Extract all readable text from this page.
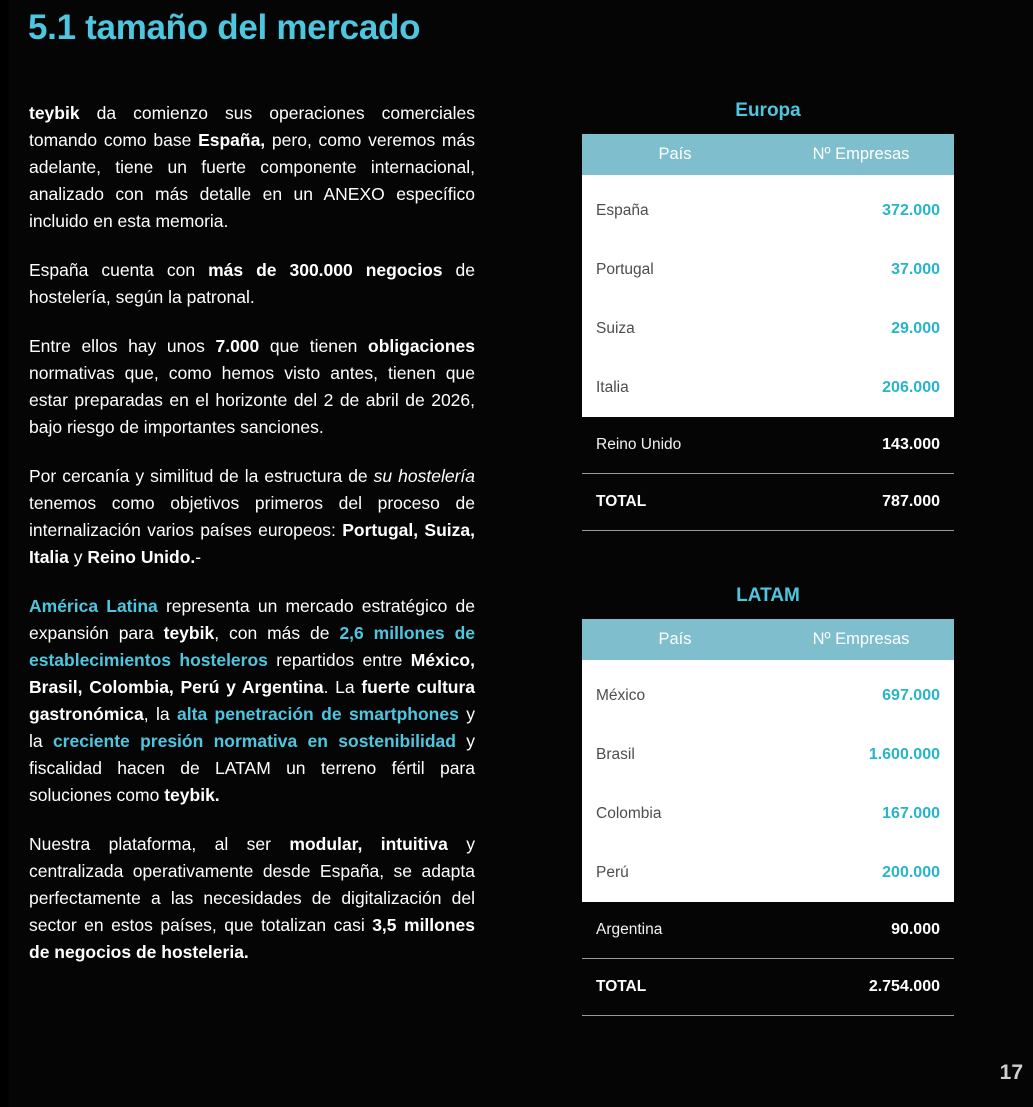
5.1 tamaño del mercado

teybik da comienzo sus operaciones comerciales tomando como base España, pero, como veremos más adelante, tiene un fuerte componente internacional, analizado con más detalle en un ANEXO específico incluido en esta memoria.

España cuenta con más de 300.000 negocios de hostelería, según la patronal.

Entre ellos hay unos 7.000 que tienen obligaciones normativas que, como hemos visto antes, tienen que estar preparadas en el horizonte del 2 de abril de 2026, bajo riesgo de importantes sanciones.

Por cercanía y similitud de la estructura de su hostelería tenemos como objetivos primeros del proceso de internalización varios países europeos: Portugal, Suiza, Italia y Reino Unido.-

América Latina representa un mercado estratégico de expansión para teybik, con más de 2,6 millones de establecimientos hosteleros repartidos entre México, Brasil, Colombia, Perú y Argentina. La fuerte cultura gastronómica, la alta penetración de smartphones y la creciente presión normativa en sostenibilidad y fiscalidad hacen de LATAM un terreno fértil para soluciones como teybik.

Nuestra plataforma, al ser modular, intuitiva y centralizada operativamente desde España, se adapta perfectamente a las necesidades de digitalización del sector en estos países, que totalizan casi 3,5 millones de negocios de hosteleria.

Europa
País	Nº Empresas
España	372.000
Portugal	37.000
Suiza	29.000
Italia	206.000
Reino Unido	143.000
TOTAL	787.000
LATAM
País	Nº Empresas
México	697.000
Brasil	1.600.000
Colombia	167.000
Perú	200.000
Argentina	90.000
TOTAL	2.754.000
17
